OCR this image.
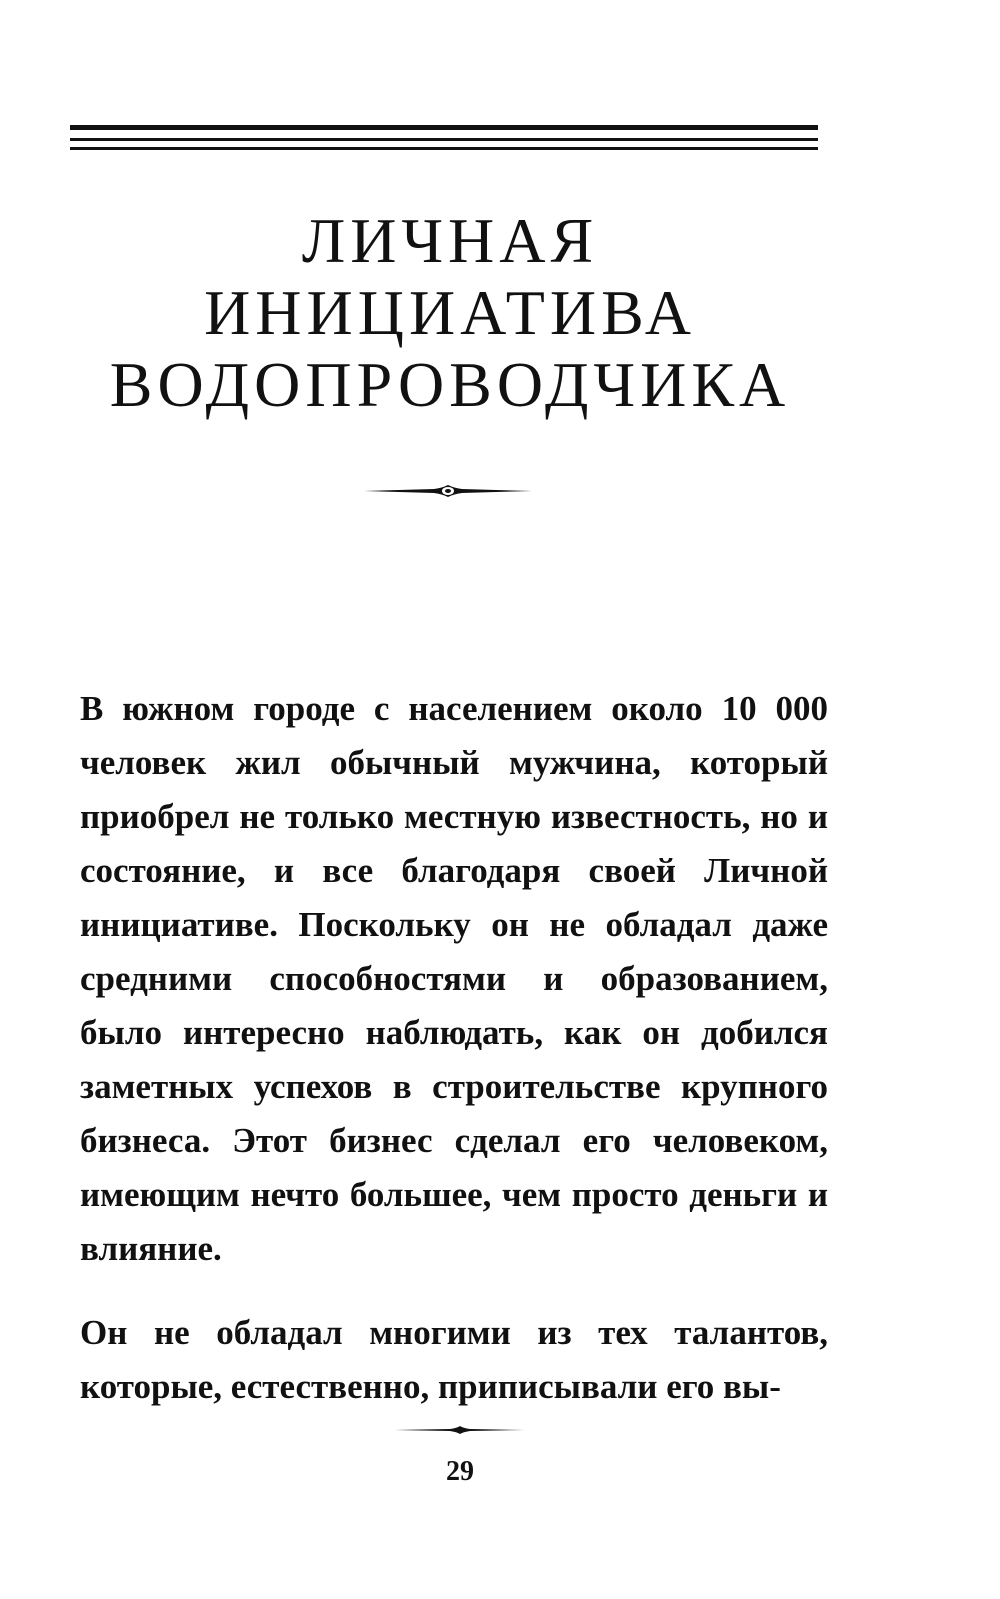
ЛИЧНАЯ
ИНИЦИАТИВА
ВОДОПРОВОДЧИКА

В южном городе с населением около 10 000 человек жил обычный мужчина, который приобрел не только местную известность, но и состояние, и все благодаря своей Личной инициативе. Поскольку он не обладал даже средними способностями и образованием, было интересно наблюдать, как он добился заметных успехов в строительстве крупного бизнеса. Этот бизнес сделал его человеком, имеющим нечто большее, чем просто деньги и влияние.

Он не обладал многими из тех талантов, которые, естественно, приписывали его вы-

29
